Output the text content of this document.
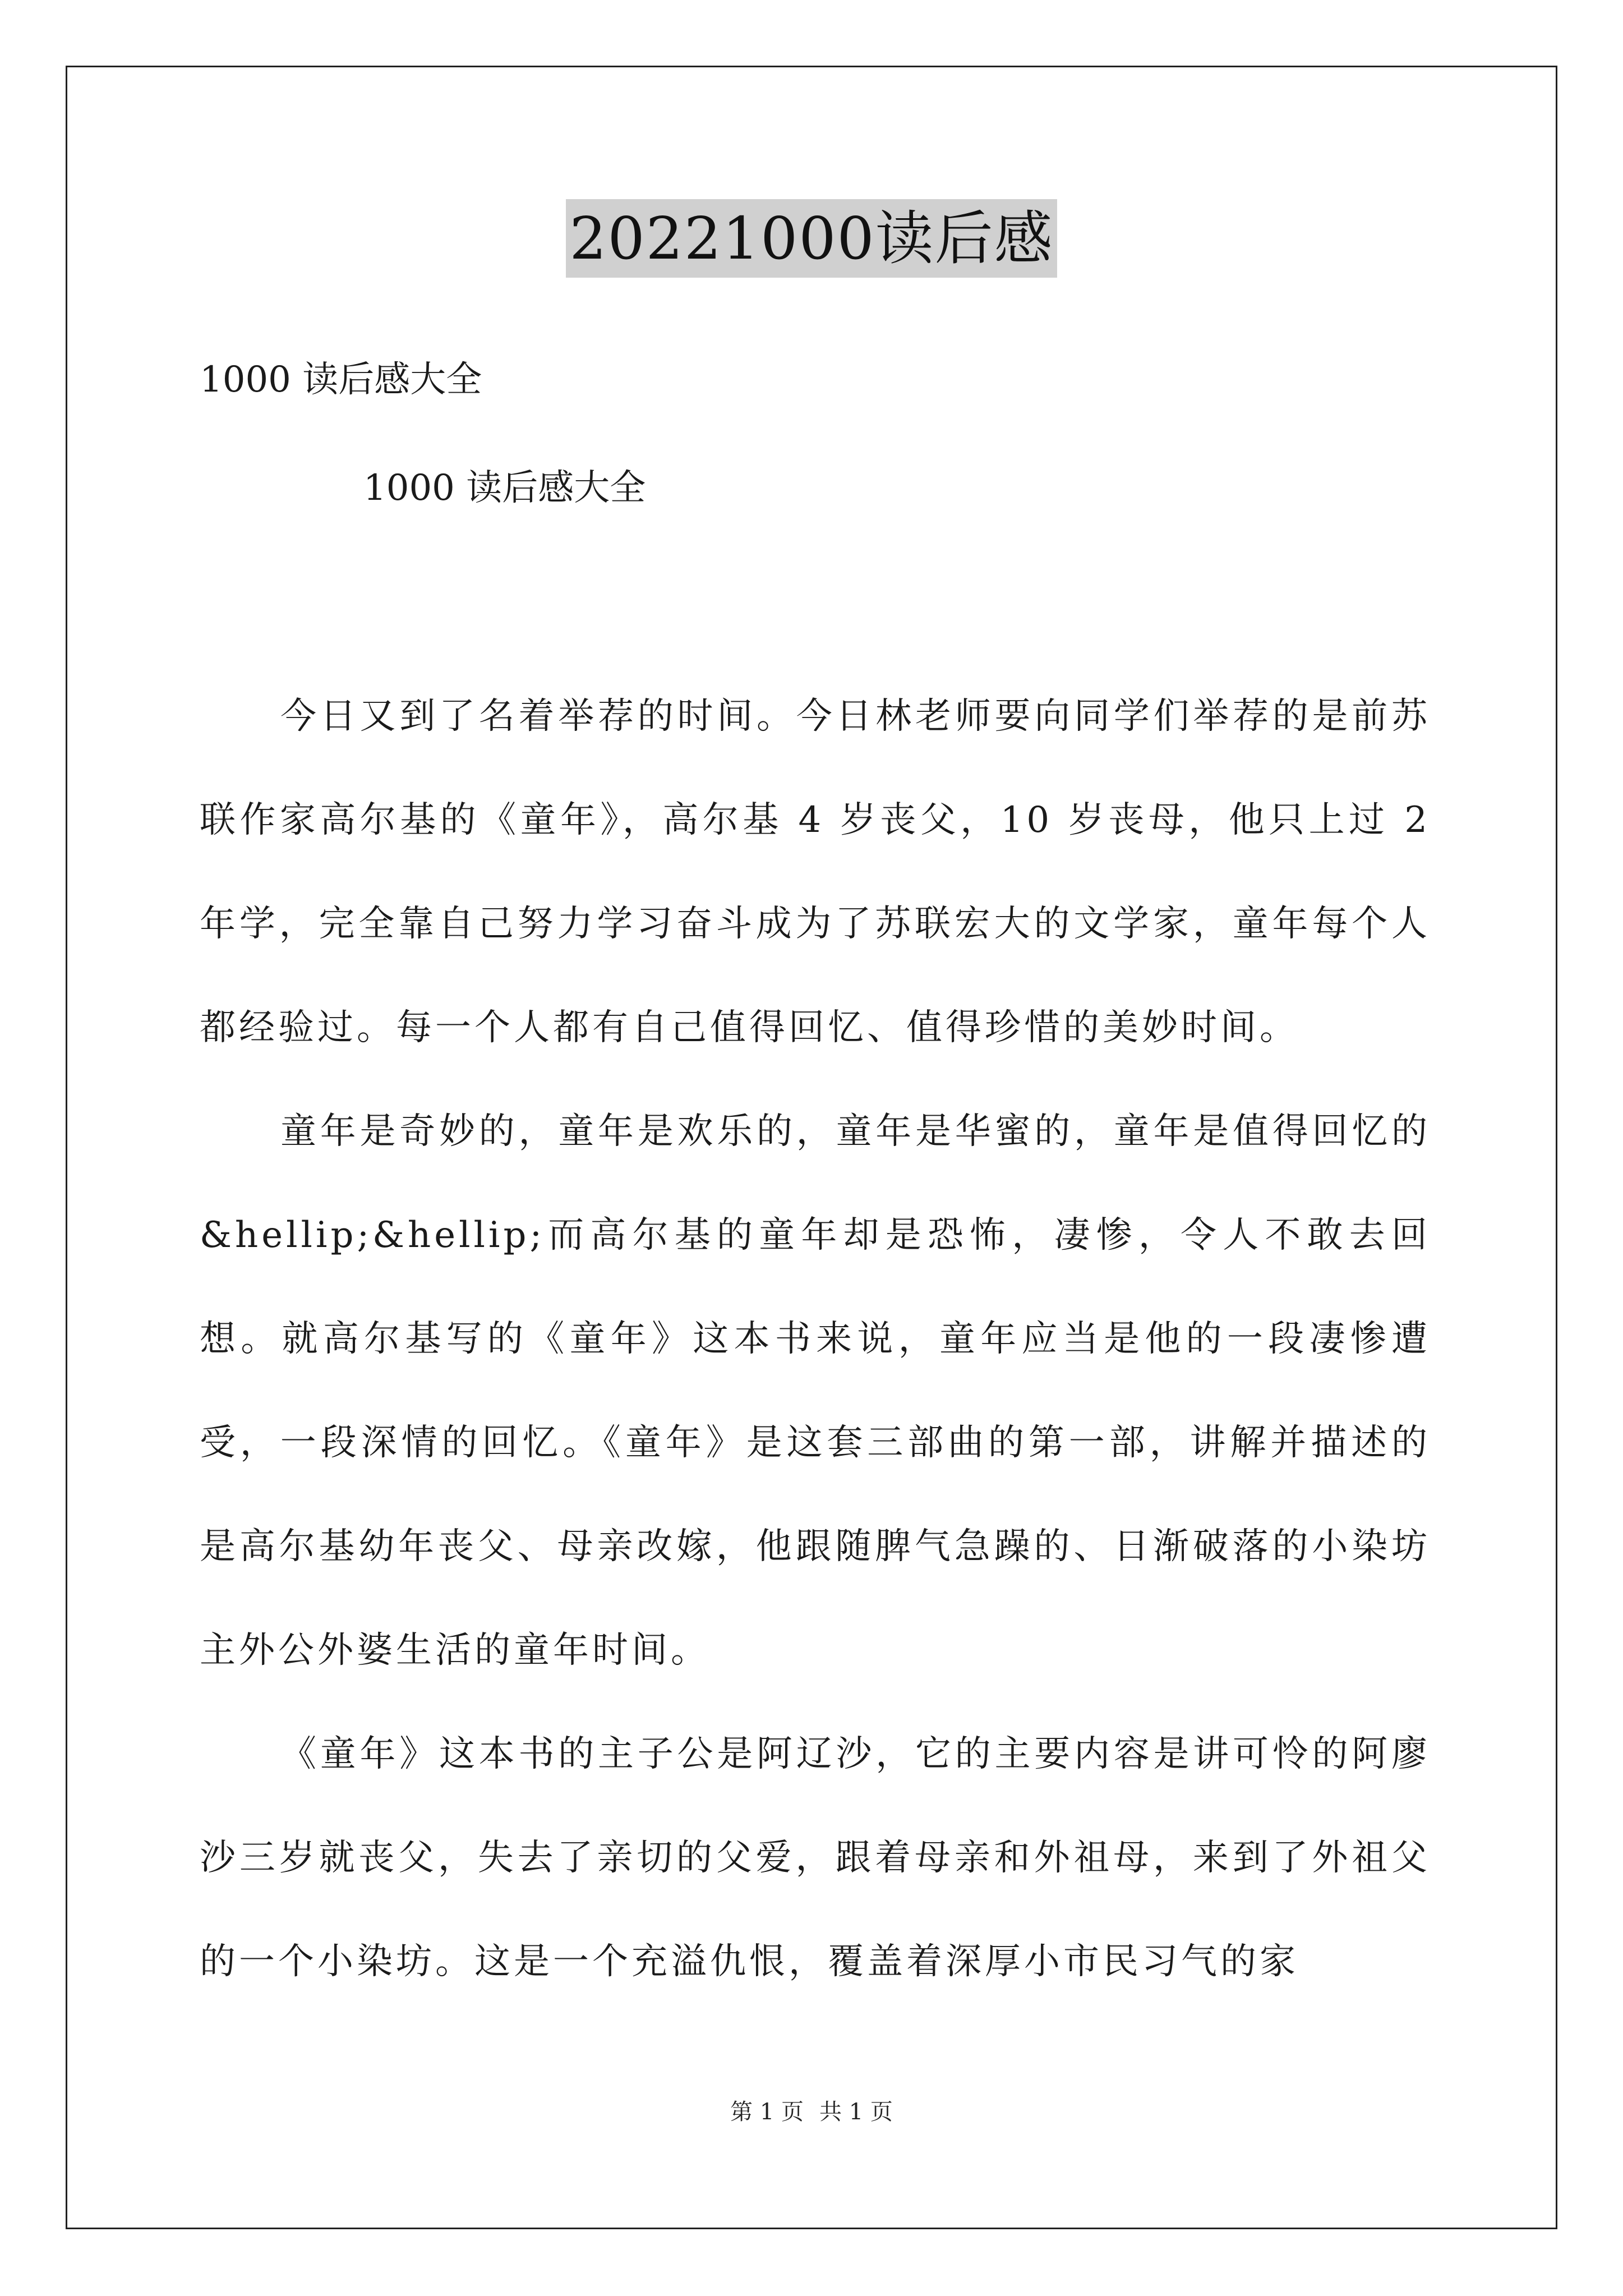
20221000读后感
1000 读后感大全
1000 读后感大全

今日又到了名着举荐的时间。今日林老师要向同学们举荐的是前苏联作家高尔基的《童年》，高尔基 4 岁丧父，10 岁丧母，他只上过 2 年学，完全靠自己努力学习奋斗成为了苏联宏大的文学家，童年每个人都经验过。每一个人都有自己值得回忆、值得珍惜的美妙时间。

童年是奇妙的，童年是欢乐的，童年是华蜜的，童年是值得回忆的&hellip;&hellip;而高尔基的童年却是恐怖，凄惨，令人不敢去回想。就高尔基写的《童年》这本书来说，童年应当是他的一段凄惨遭受，一段深情的回忆。《童年》是这套三部曲的第一部，讲解并描述的是高尔基幼年丧父、母亲改嫁，他跟随脾气急躁的、日渐破落的小染坊主外公外婆生活的童年时间。

《童年》这本书的主子公是阿辽沙，它的主要内容是讲可怜的阿廖沙三岁就丧父，失去了亲切的父爱，跟着母亲和外祖母，来到了外祖父的一个小染坊。这是一个充溢仇恨，覆盖着深厚小市民习气的家

第 1 页 共 1 页
